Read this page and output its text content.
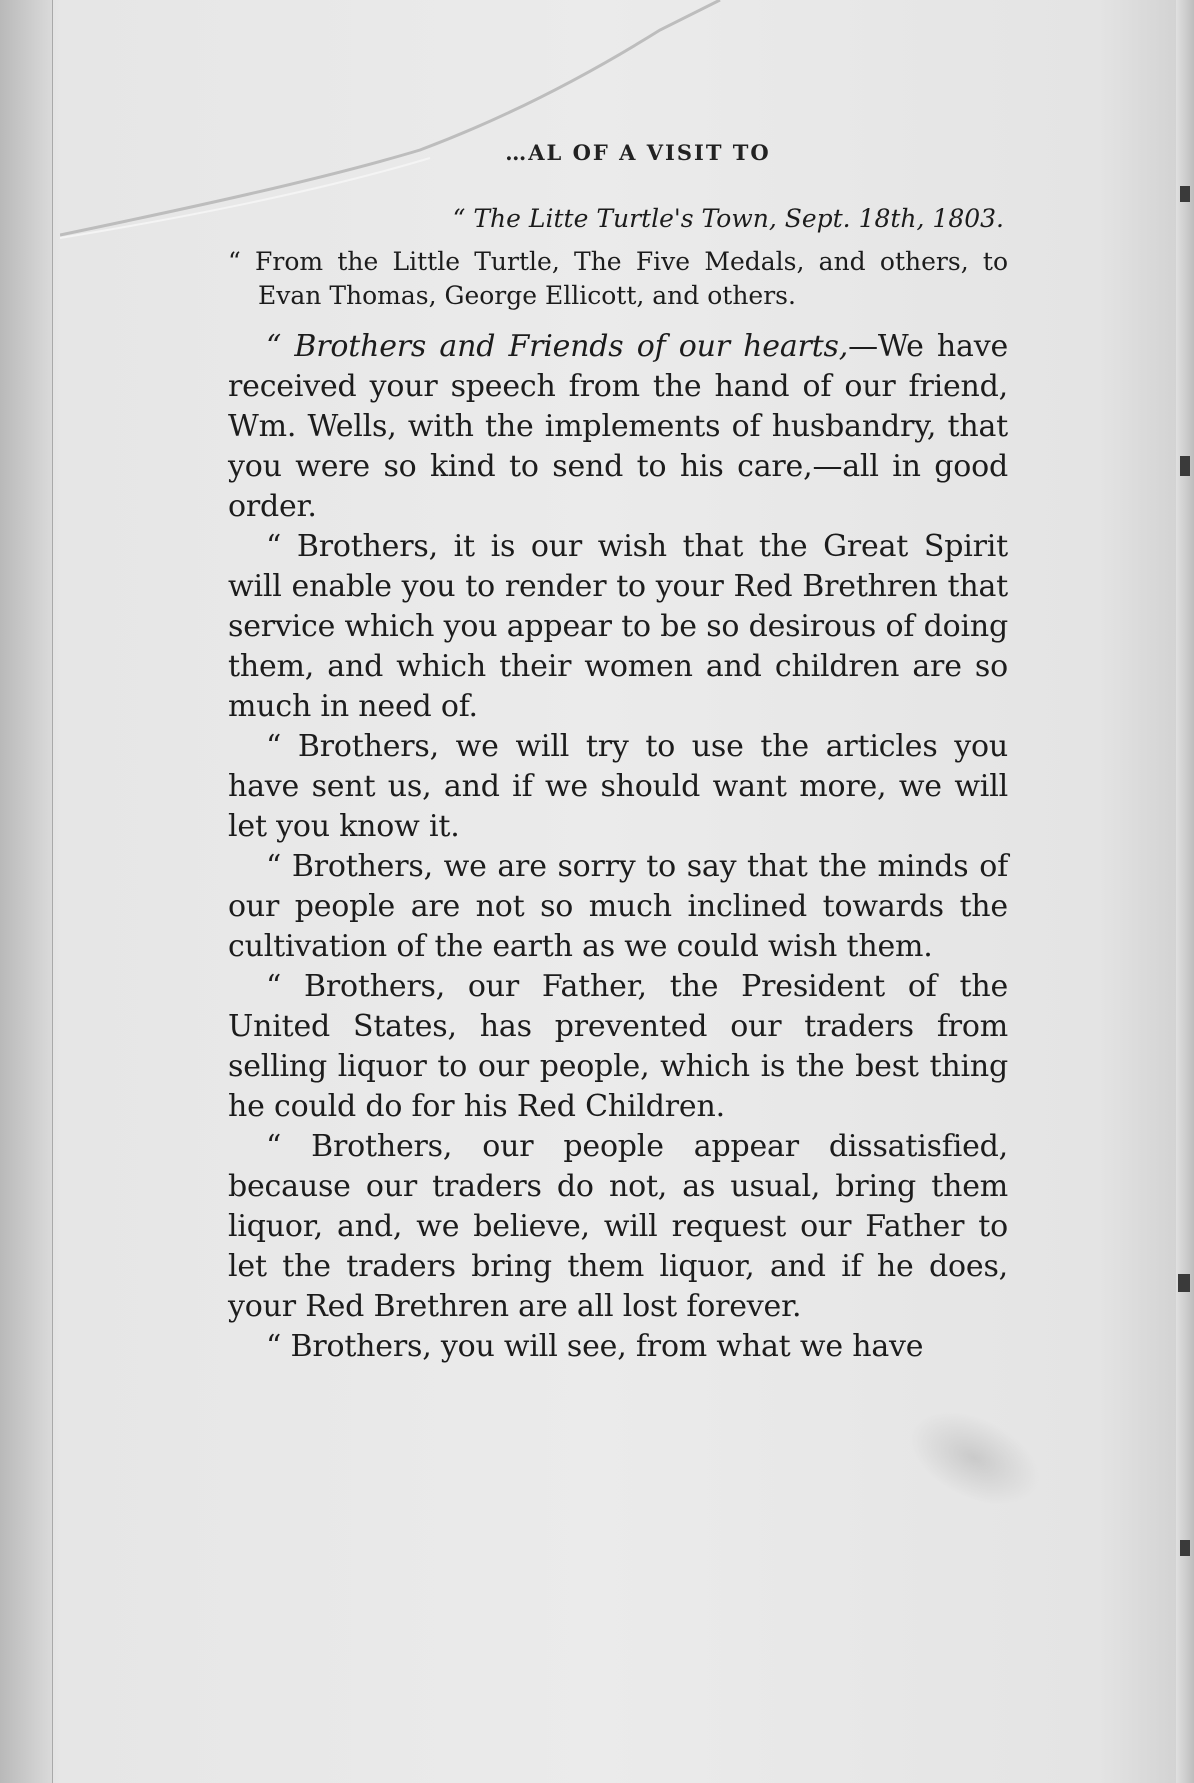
…AL OF A VISIT TO
“ The Litte Turtle's Town, Sept. 18th, 1803.

“ From the Little Turtle, The Five Medals, and others, to Evan Thomas, George Ellicott, and others.

“ Brothers and Friends of our hearts,—We have received your speech from the hand of our friend, Wm. Wells, with the implements of husbandry, that you were so kind to send to his care,—all in good order.

“ Brothers, it is our wish that the Great Spirit will enable you to render to your Red Brethren that service which you appear to be so desirous of doing them, and which their women and children are so much in need of.

“ Brothers, we will try to use the articles you have sent us, and if we should want more, we will let you know it.

“ Brothers, we are sorry to say that the minds of our people are not so much inclined towards the cultivation of the earth as we could wish them.

“ Brothers, our Father, the President of the United States, has prevented our traders from selling liquor to our people, which is the best thing he could do for his Red Children.

“ Brothers, our people appear dissatisfied, because our traders do not, as usual, bring them liquor, and, we believe, will request our Father to let the traders bring them liquor, and if he does, your Red Brethren are all lost forever.

“ Brothers, you will see, from what we have
